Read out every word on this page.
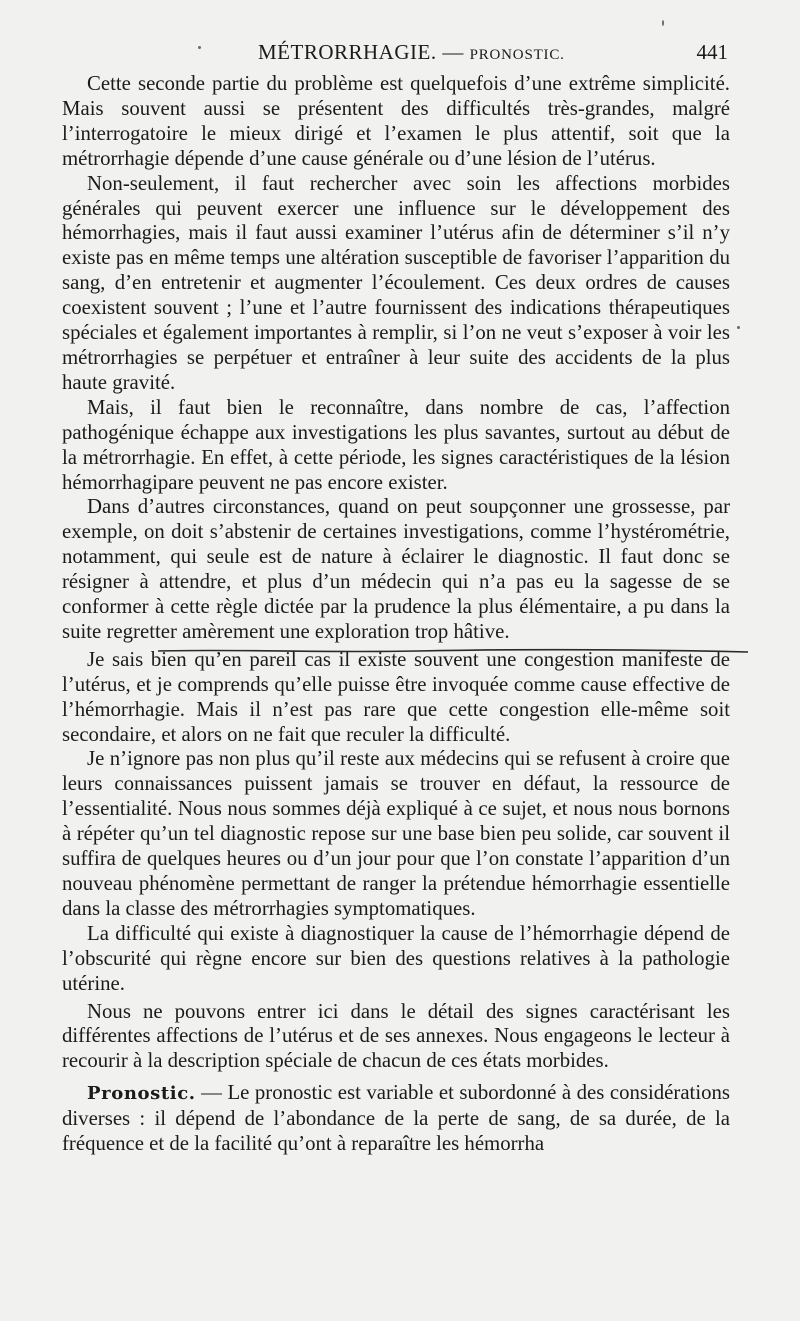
MÉTRORRHAGIE. — PRONOSTIC.	441

Cette seconde partie du problème est quelquefois d’une extrême simplicité. Mais souvent aussi se présentent des difficultés très-grandes, malgré l’interrogatoire le mieux dirigé et l’examen le plus attentif, soit que la métrorrhagie dépende d’une cause générale ou d’une lésion de l’utérus.

Non-seulement, il faut rechercher avec soin les affections morbides générales qui peuvent exercer une influence sur le développement des hémorrhagies, mais il faut aussi examiner l’utérus afin de déterminer s’il n’y existe pas en même temps une altération susceptible de favoriser l’apparition du sang, d’en entretenir et augmenter l’écoulement. Ces deux ordres de causes coexistent souvent ; l’une et l’autre fournissent des indications thérapeutiques spéciales et également importantes à remplir, si l’on ne veut s’exposer à voir les métrorrhagies se perpétuer et entraîner à leur suite des accidents de la plus haute gravité.

Mais, il faut bien le reconnaître, dans nombre de cas, l’affection pathogénique échappe aux investigations les plus savantes, surtout au début de la métrorrhagie. En effet, à cette période, les signes caractéristiques de la lésion hémorrhagipare peuvent ne pas encore exister.

Dans d’autres circonstances, quand on peut soupçonner une grossesse, par exemple, on doit s’abstenir de certaines investigations, comme l’hystérométrie, notamment, qui seule est de nature à éclairer le diagnostic. Il faut donc se résigner à attendre, et plus d’un médecin qui n’a pas eu la sagesse de se conformer à cette règle dictée par la prudence la plus élémentaire, a pu dans la suite regretter amèrement une exploration trop hâtive.

Je sais bien qu’en pareil cas il existe souvent une congestion manifeste de l’utérus, et je comprends qu’elle puisse être invoquée comme cause effective de l’hémorrhagie. Mais il n’est pas rare que cette congestion elle-même soit secondaire, et alors on ne fait que reculer la difficulté.

Je n’ignore pas non plus qu’il reste aux médecins qui se refusent à croire que leurs connaissances puissent jamais se trouver en défaut, la ressource de l’essentialité. Nous nous sommes déjà expliqué à ce sujet, et nous nous bornons à répéter qu’un tel diagnostic repose sur une base bien peu solide, car souvent il suffira de quelques heures ou d’un jour pour que l’on constate l’apparition d’un nouveau phénomène permettant de ranger la prétendue hémorrhagie essentielle dans la classe des métrorrhagies symptomatiques.

La difficulté qui existe à diagnostiquer la cause de l’hémorrhagie dépend de l’obscurité qui règne encore sur bien des questions relatives à la pathologie utérine.

Nous ne pouvons entrer ici dans le détail des signes caractérisant les différentes affections de l’utérus et de ses annexes. Nous engageons le lecteur à recourir à la description spéciale de chacun de ces états morbides.

Pronostic. — Le pronostic est variable et subordonné à des considérations diverses : il dépend de l’abondance de la perte de sang, de sa durée, de la fréquence et de la facilité qu’ont à reparaître les hémorrha
